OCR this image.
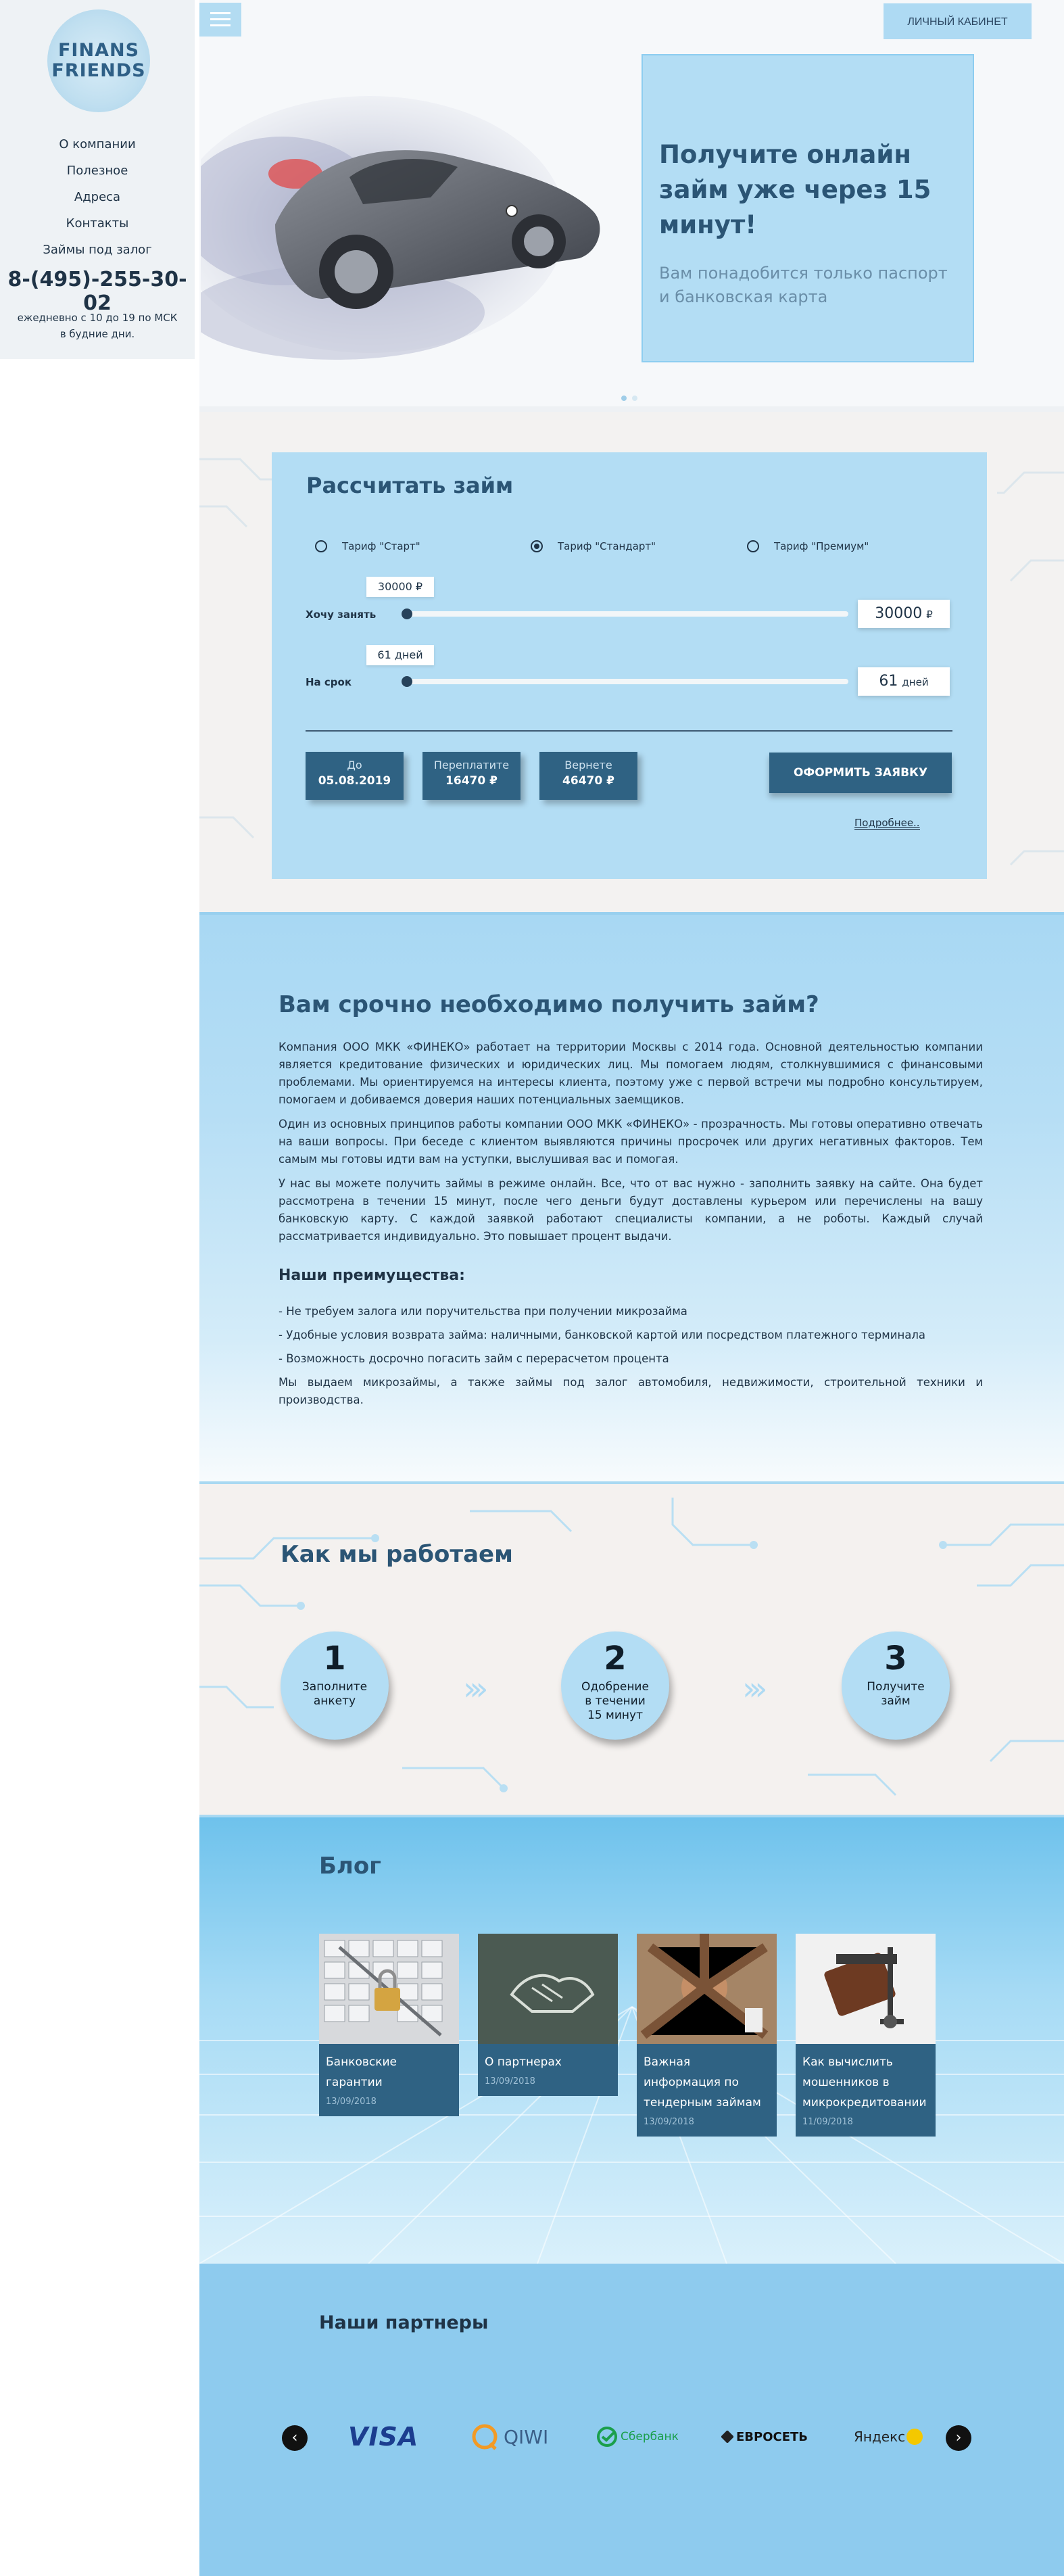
FINANS
FRIENDS
О компании
Полезное
Адреса
Контакты
Займы под залог
8-(495)-255-30-02
ежедневно с 10 до 19 по МСК
в будние дни.
ЛИЧНЫЙ КАБИНЕТ
Получите онлайн займ уже через 15 минут!

Вам понадобится только паспорт и банковская карта

Рассчитать займ
Тариф "Старт"	Тариф "Стандарт"	Тариф "Премиум"
30000 ₽
Хочу занять	30000 ₽
61 дней
На срок	61 дней
До
05.08.2019
Переплатите
16470 ₽
Вернете
46470 ₽
ОФОРМИТЬ ЗАЯВКУ
Подробнее..
Вам срочно необходимо получить займ?

Компания ООО МКК «ФИНЕКО» работает на территории Москвы с 2014 года. Основной деятельностью компании является кредитование физических и юридических лиц. Мы помогаем людям, столкнувшимися с финансовыми проблемами. Мы ориентируемся на интересы клиента, поэтому уже с первой встречи мы подробно консультируем, помогаем и добиваемся доверия наших потенциальных заемщиков.

Один из основных принципов работы компании ООО МКК «ФИНЕКО» - прозрачность. Мы готовы оперативно отвечать на ваши вопросы. При беседе с клиентом выявляются причины просрочек или других негативных факторов. Тем самым мы готовы идти вам на уступки, выслушивая вас и помогая.

У нас вы можете получить займы в режиме онлайн. Все, что от вас нужно - заполнить заявку на сайте. Она будет рассмотрена в течении 15 минут, после чего деньги будут доставлены курьером или перечислены на вашу банковскую карту. С каждой заявкой работают специалисты компании, а не роботы. Каждый случай рассматривается индивидуально. Это повышает процент выдачи.

Наши преимущества:
- Не требуем залога или поручительства при получении микрозайма
- Удобные условия возврата займа: наличными, банковской картой или посредством платежного терминала
- Возможность досрочно погасить займ с перерасчетом процента

Мы выдаем микрозаймы, а также займы под залог автомобиля, недвижимости, строительной техники и производства.

Как мы работаем
1
Заполните
анкету	›››
2
Одобрение
в течении
15 минут
›››
3
Получите
займ
Блог
Банковские
гарантии
13/09/2018
О партнерах
13/09/2018
Важная
информация по
тендерным займам
13/09/2018
Как вычислить
мошенников в
микрокредитовании
11/09/2018
Наши партнеры
‹	VISA	QIWI	Сбербанк	ЕВРОСЕТЬ	Яндекс	›
